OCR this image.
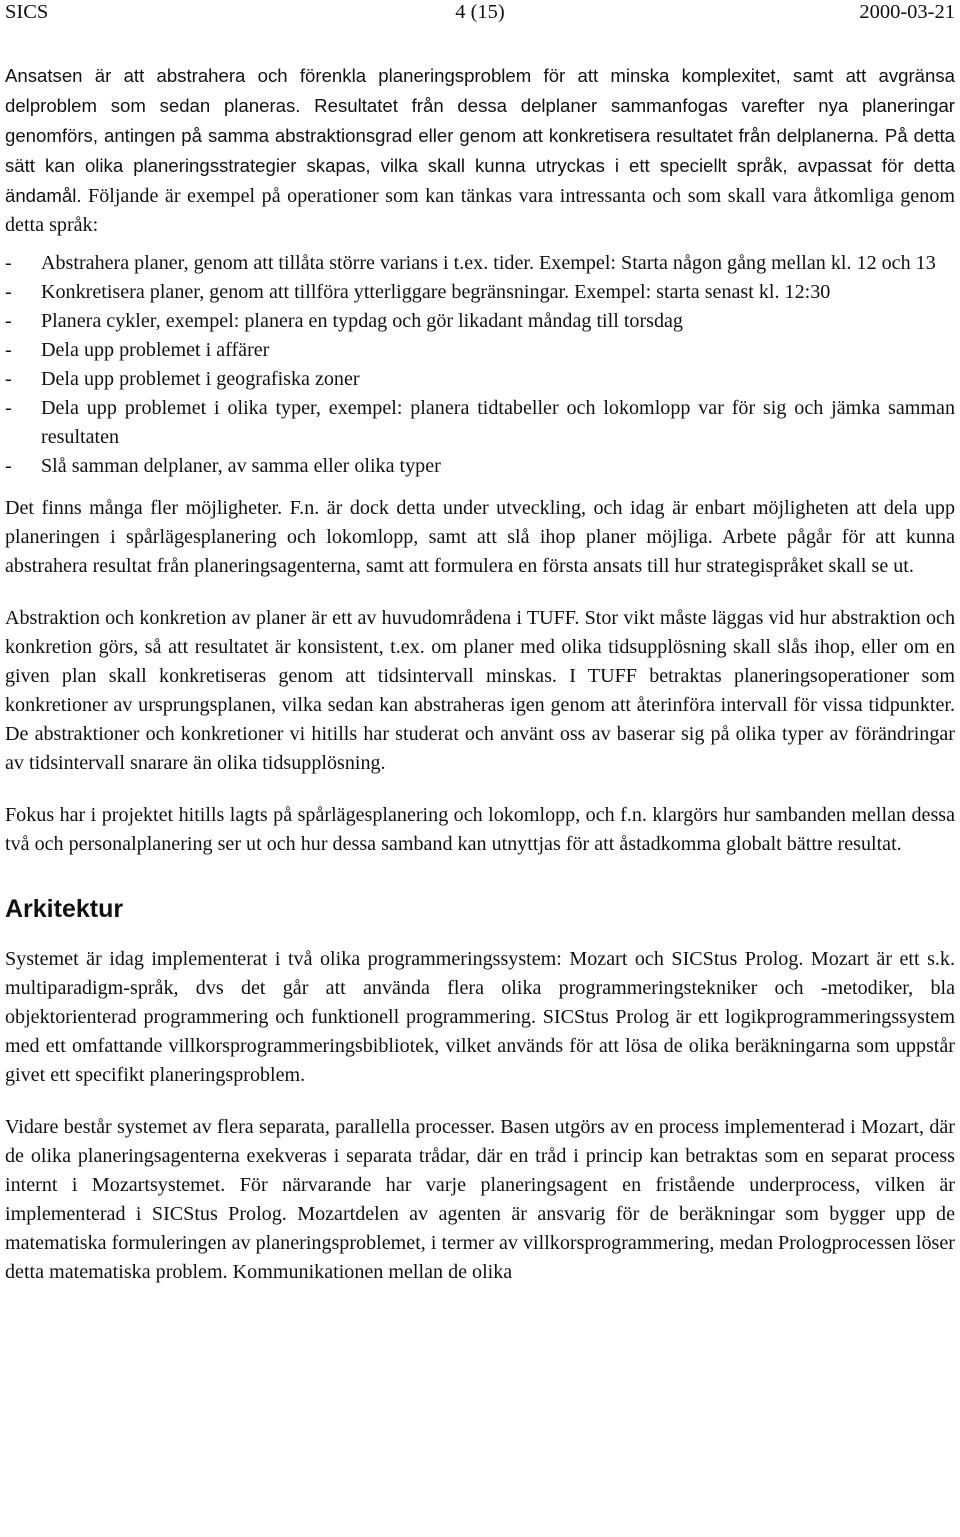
SICS	4 (15)	2000-03-21

Ansatsen är att abstrahera och förenkla planeringsproblem för att minska komplexitet, samt att avgränsa delproblem som sedan planeras. Resultatet från dessa delplaner sammanfogas varefter nya planeringar genomförs, antingen på samma abstraktionsgrad eller genom att konkretisera resultatet från delplanerna. På detta sätt kan olika planeringsstrategier skapas, vilka skall kunna utryckas i ett speciellt språk, avpassat för detta ändamål. Följande är exempel på operationer som kan tänkas vara intressanta och som skall vara åtkomliga genom detta språk:

- Abstrahera planer, genom att tillåta större varians i t.ex. tider. Exempel: Starta någon gång mellan kl. 12 och 13
- Konkretisera planer, genom att tillföra ytterliggare begränsningar. Exempel: starta senast kl. 12:30
- Planera cykler, exempel: planera en typdag och gör likadant måndag till torsdag
- Dela upp problemet i affärer
- Dela upp problemet i geografiska zoner
- Dela upp problemet i olika typer, exempel: planera tidtabeller och lokomlopp var för sig och jämka samman resultaten
- Slå samman delplaner, av samma eller olika typer

Det finns många fler möjligheter. F.n. är dock detta under utveckling, och idag är enbart möjligheten att dela upp planeringen i spårlägesplanering och lokomlopp, samt att slå ihop planer möjliga. Arbete pågår för att kunna abstrahera resultat från planeringsagenterna, samt att formulera en första ansats till hur strategispråket skall se ut.

Abstraktion och konkretion av planer är ett av huvudområdena i TUFF. Stor vikt måste läggas vid hur abstraktion och konkretion görs, så att resultatet är konsistent, t.ex. om planer med olika tidsupplösning skall slås ihop, eller om en given plan skall konkretiseras genom att tidsintervall minskas. I TUFF betraktas planeringsoperationer som konkretioner av ursprungsplanen, vilka sedan kan abstraheras igen genom att återinföra intervall för vissa tidpunkter. De abstraktioner och konkretioner vi hitills har studerat och använt oss av baserar sig på olika typer av förändringar av tidsintervall snarare än olika tidsupplösning.

Fokus har i projektet hitills lagts på spårlägesplanering och lokomlopp, och f.n. klargörs hur sambanden mellan dessa två och personalplanering ser ut och hur dessa samband kan utnyttjas för att åstadkomma globalt bättre resultat.

Arkitektur

Systemet är idag implementerat i två olika programmeringssystem: Mozart och SICStus Prolog. Mozart är ett s.k. multiparadigm-språk, dvs det går att använda flera olika programmeringstekniker och -metodiker, bla objektorienterad programmering och funktionell programmering. SICStus Prolog är ett logikprogrammeringssystem med ett omfattande villkorsprogrammeringsbibliotek, vilket används för att lösa de olika beräkningarna som uppstår givet ett specifikt planeringsproblem.

Vidare består systemet av flera separata, parallella processer. Basen utgörs av en process implementerad i Mozart, där de olika planeringsagenterna exekveras i separata trådar, där en tråd i princip kan betraktas som en separat process internt i Mozartsystemet. För närvarande har varje planeringsagent en fristående underprocess, vilken är implementerad i SICStus Prolog. Mozartdelen av agenten är ansvarig för de beräkningar som bygger upp de matematiska formuleringen av planeringsproblemet, i termer av villkorsprogrammering, medan Prologprocessen löser detta matematiska problem. Kommunikationen mellan de olika
